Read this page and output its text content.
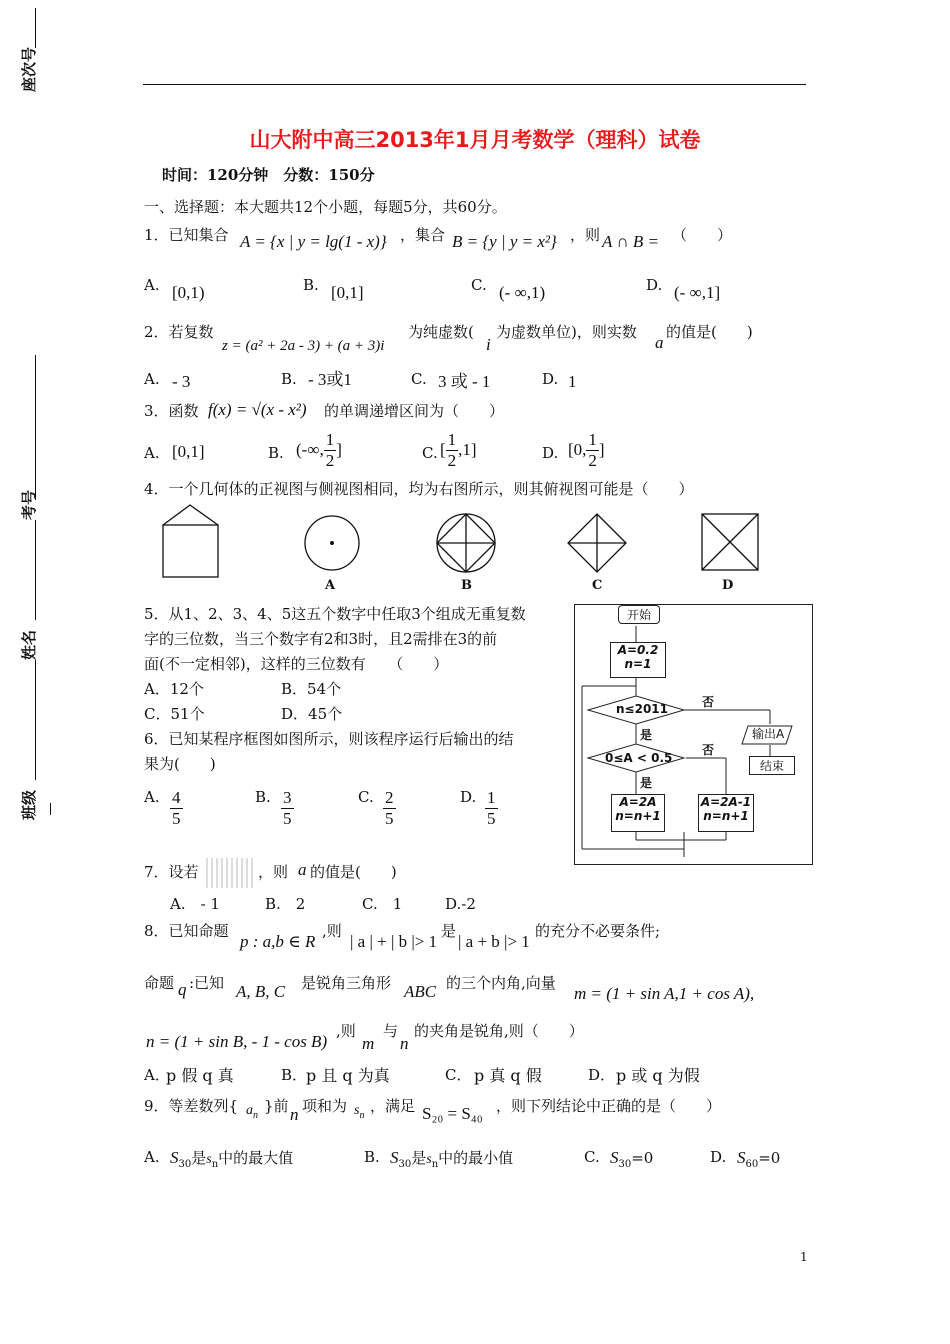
座次号
考号
姓名
班级
山大附中高三2013年1月月考数学（理科）试卷
时间：120分钟　分数：150分
一、选择题：本大题共12个小题，每题5分，共60分。
1．已知集合 A = {x | y = lg(1 - x)} ，集合 B = {y | y = x²} ，则 A ∩ B = （　　）
A. [0,1)	B. [0,1]	C. (- ∞,1)	D. (- ∞,1]
2．若复数
z = (a² + 2a - 3) + (a + 3)i
为纯虚数(
i
为虚数单位)，则实数
a
的值是(　　)
A. - 3	B. - 3或1	C. 3 或 - 1	D. 1
3．函数 f(x) = √(x - x²) 的单调递增区间为（　　）
A. [0,1]	B. (-∞, $\frac{1}{2}$ ]	C. [ $\frac{1}{2} ,1$]	D. [0, $\frac{1}{2}$ ]
4．一个几何体的正视图与侧视图相同，均为右图所示，则其俯视图可能是（　　）
A	B	C	D
5．从1、2、3、4、5这五个数字中任取3个组成无重复数
字的三位数，当三个数字有2和3时，且2需排在3的前
面(不一定相邻)，这样的三位数有　　（　　）
A．12个	B．54个
C．51个	D．45个
6．已知某程序框图如图所示，则该程序运行后输出的结
果为(　　)
A. $\frac{4}{5}$	B. $\frac{3}{5}$	C. $\frac{2}{5}$	D. $\frac{1}{5}$
开始
A=0.2
n=1
n≤2011	否
是	输出A
结束
0≤A < 0.5
否
是
A=2A
n=n+1
A=2A-1
n=n+1
7．设若	，则 a 的值是(　　)
A.　- 1	B.　2	C.　1	D.-2
8．已知命题
p : a,b ∈ R
,则
| a | + | b |> 1
是
| a + b |> 1
的充分不必要条件;
命题 q :已知 A, B, C 是锐角三角形 ABC 的三个内角,向量
m = (1 + sin A,1 + cos A),
n = (1 + sin B, - 1 - cos B)
,则
m
与
n
的夹角是锐角,则（　　）
A．
p 假 q 真	B．
p 且 q 为真	C． p 真 q 假	D． p 或 q 为假
9．等差数列{ $a_n$
}前 n 项和为 $s_n$
，满足 S₂₀ = S₄₀ ，则下列结论中正确的是（　　）
A. $S_{30}$是$s_n$中的最大值	B. $S_{30}$是$s_n$中的最小值	C. $S_{30}=0$	D. $S_{60}=0$
1
